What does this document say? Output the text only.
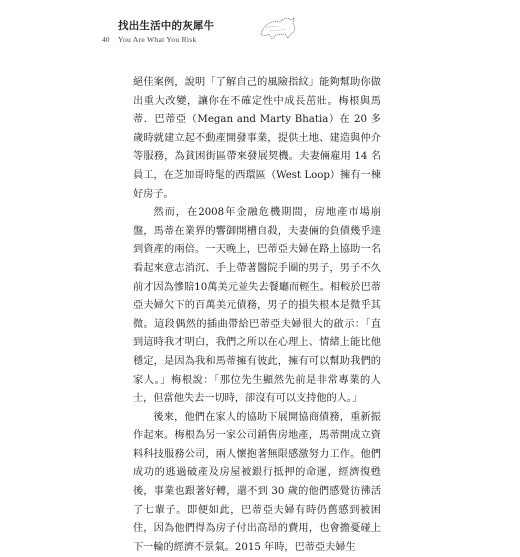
40
找出生活中的灰犀牛
You Are What You Risk

絕佳案例，說明「了解自己的風險指紋」能夠幫助你做出重大改變，讓你在不確定性中成長茁壯。梅根與馬蒂．巴蒂亞（Megan and Marty Bhatia）在 20 多歲時就建立起不動產開發事業，提供土地、建造與仲介等服務，為貧困街區帶來發展契機。夫妻倆雇用 14 名員工，在芝加哥時髦的西環區（West Loop）擁有一棟好房子。

然而，在2008年金融危機期間，房地產市場崩盤，馬蒂在業界的響御開槽自殺，夫妻倆的負債幾乎達到資產的兩倍。一天晚上，巴蒂亞夫婦在路上協助一名看起來意志消沉、手上帶著醫院手圈的男子，男子不久前才因為慘賠10萬美元並失去餐廳而輕生。相較於巴蒂亞夫婦欠下的百萬美元債務，男子的損失根本是微乎其微。這段偶然的插曲帶給巴蒂亞夫婦很大的啟示：「直到這時我才明白，我們之所以在心理上、情緒上能比他穩定，是因為我和馬蒂擁有彼此，擁有可以幫助我們的家人。」梅根說：「那位先生顯然先前是非常專業的人士，但當他失去一切時，卻沒有可以支持他的人。」

後來，他們在家人的協助下展開協商債務，重新振作起來。梅根為另一家公司銷售房地產，馬蒂開成立資料科技服務公司，兩人懷抱著無限感激努力工作。他們成功的逃過破產及房屋被銀行抵押的命運，經濟復甦後，事業也跟著好轉，還不到 30 歲的他們感覺彷彿活了七輩子。即便如此，巴蒂亞夫婦有時仍舊感到被困住，因為他們得為房子付出高昂的費用，也會擔憂碰上下一輪的經濟不景氣。2015 年時，巴蒂亞夫婦生
